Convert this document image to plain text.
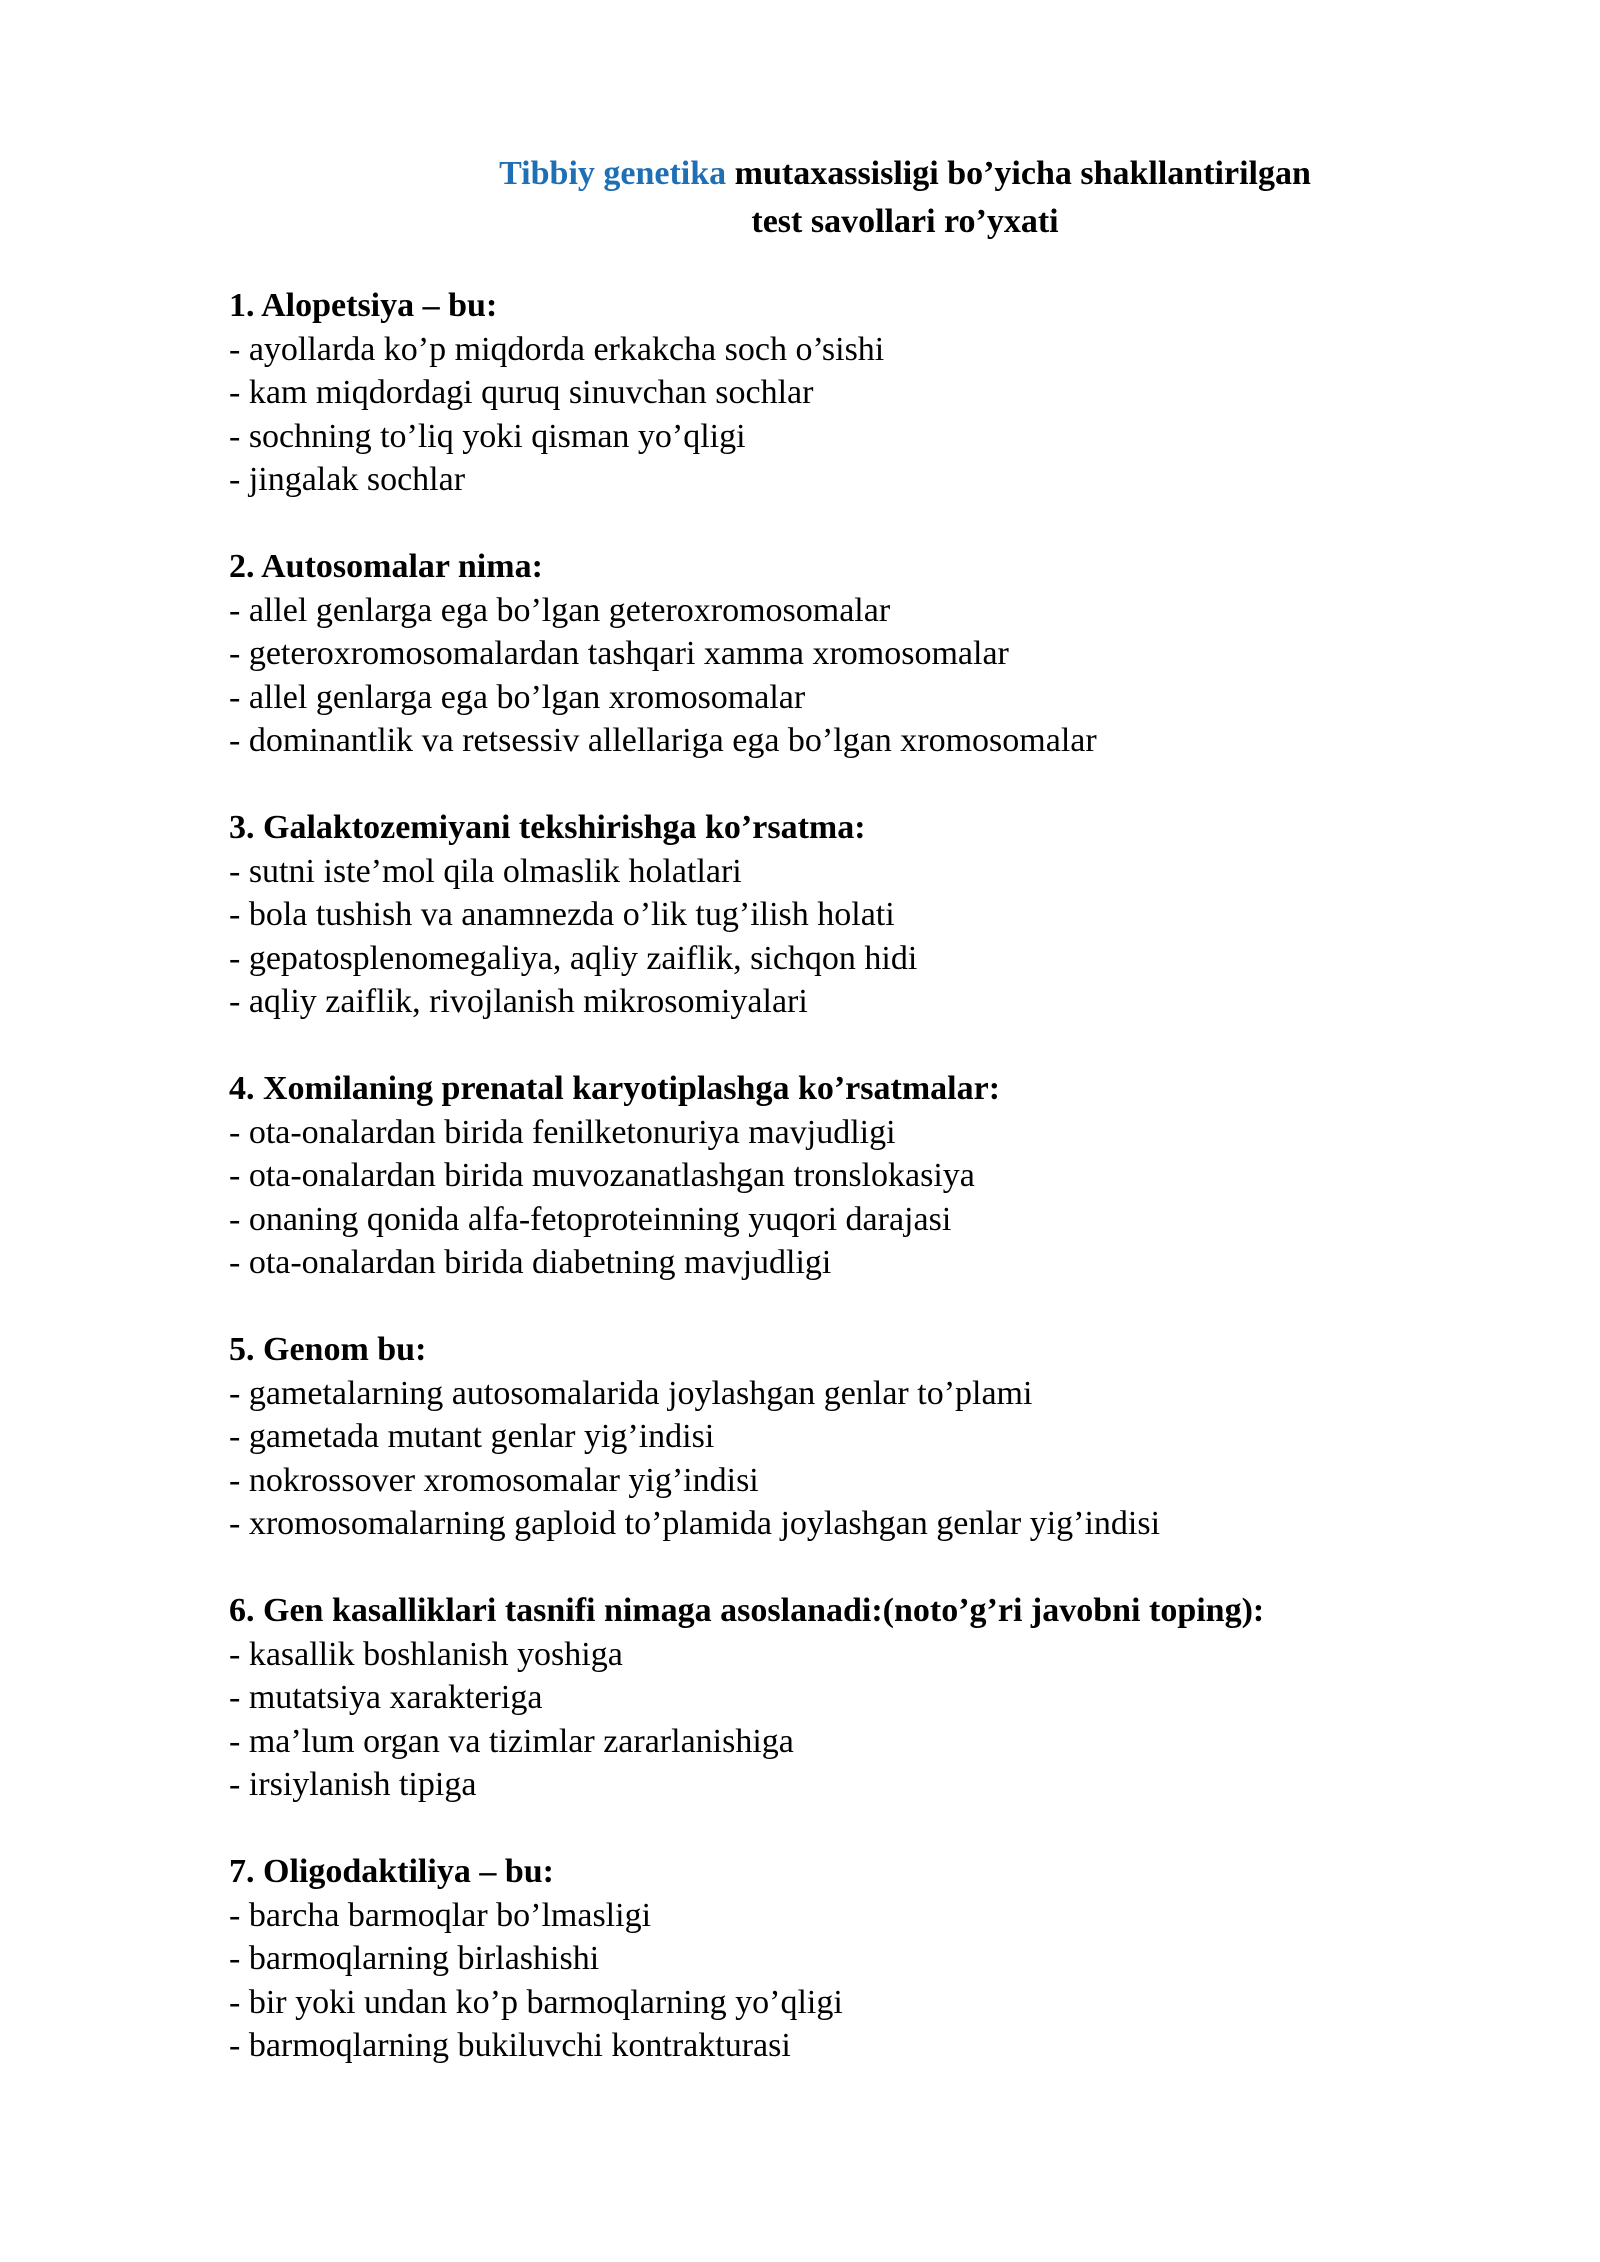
Tibbiy genetika mutaxassisligi bo’yicha shakllantirilgan
test savollari ro’yxati
1. Alopetsiya – bu:
- ayollarda ko’p miqdorda erkakcha soch o’sishi
- kam miqdordagi quruq sinuvchan sochlar
- sochning to’liq yoki qisman yo’qligi
- jingalak sochlar
2. Autosomalar nima:
- allel genlarga ega bo’lgan geteroxromosomalar
- geteroxromosomalardan tashqari xamma xromosomalar
- allel genlarga ega bo’lgan xromosomalar
- dominantlik va retsessiv allellariga ega bo’lgan xromosomalar
3. Galaktozemiyani tekshirishga ko’rsatma:
- sutni iste’mol qila olmaslik holatlari
- bola tushish va anamnezda o’lik tug’ilish holati
- gepatosplenomegaliya, aqliy zaiflik, sichqon hidi
- aqliy zaiflik, rivojlanish mikrosomiyalari
4. Xomilaning prenatal karyotiplashga ko’rsatmalar:
- ota-onalardan birida fenilketonuriya mavjudligi
- ota-onalardan birida muvozanatlashgan tronslokasiya
- onaning qonida alfa-fetoproteinning yuqori darajasi
- ota-onalardan birida diabetning mavjudligi
5. Genom bu:
- gametalarning autosomalarida joylashgan genlar to’plami
- gametada mutant genlar yig’indisi
- nokrossover xromosomalar yig’indisi
- xromosomalarning gaploid to’plamida joylashgan genlar yig’indisi
6. Gen kasalliklari tasnifi nimaga asoslanadi:(noto’g’ri javobni toping):
- kasallik boshlanish yoshiga
- mutatsiya xarakteriga
- ma’lum organ va tizimlar zararlanishiga
- irsiylanish tipiga
7. Oligodaktiliya – bu:
- barcha barmoqlar bo’lmasligi
- barmoqlarning birlashishi
- bir yoki undan ko’p barmoqlarning yo’qligi
- barmoqlarning bukiluvchi kontrakturasi
